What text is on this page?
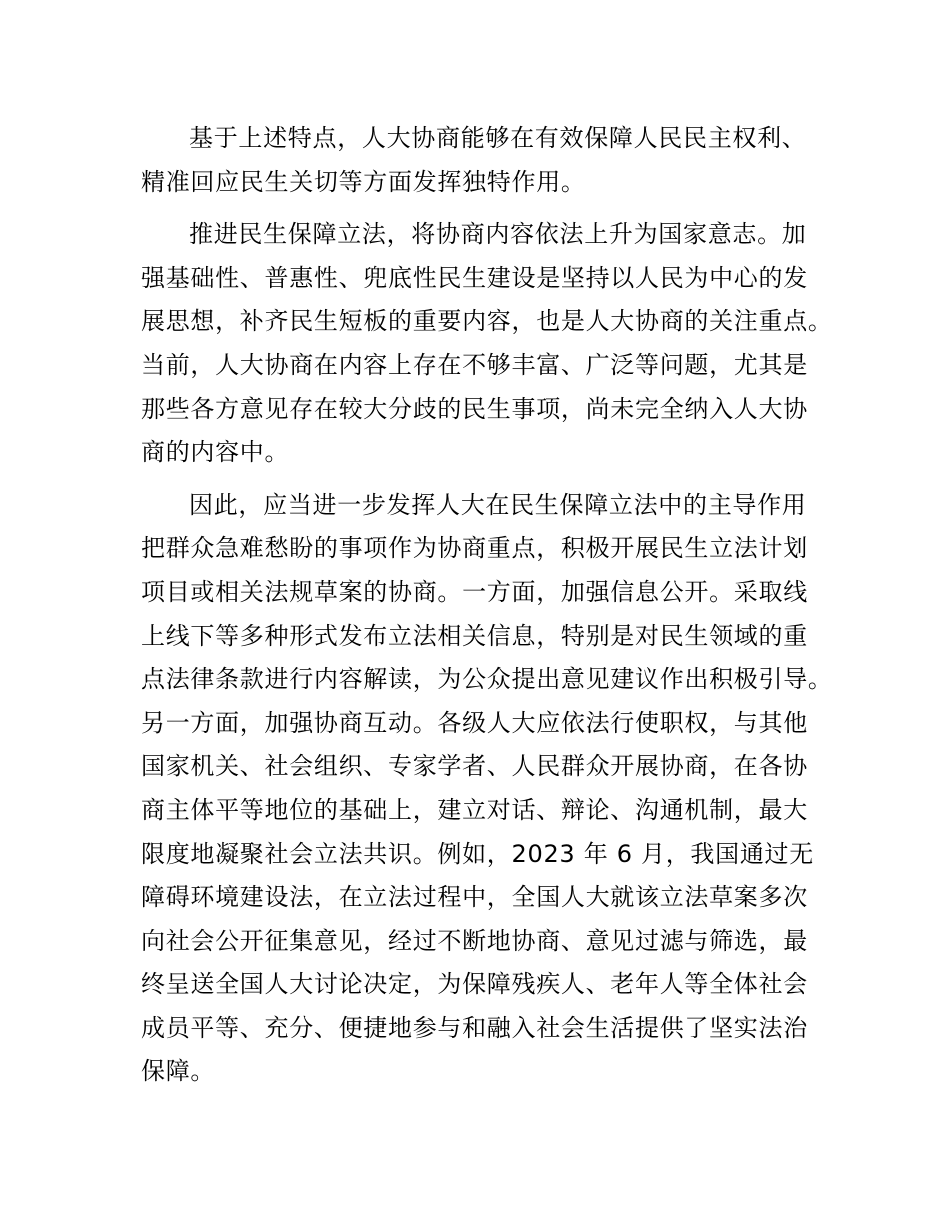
基于上述特点，人大协商能够在有效保障人民民主权利、
精准回应民生关切等方面发挥独特作用。
推进民生保障立法，将协商内容依法上升为国家意志。加
强基础性、普惠性、兜底性民生建设是坚持以人民为中心的发
展思想，补齐民生短板的重要内容，也是人大协商的关注重点。
当前，人大协商在内容上存在不够丰富、广泛等问题，尤其是
那些各方意见存在较大分歧的民生事项，尚未完全纳入人大协
商的内容中。
因此，应当进一步发挥人大在民生保障立法中的主导作用
把群众急难愁盼的事项作为协商重点，积极开展民生立法计划
项目或相关法规草案的协商。一方面，加强信息公开。采取线
上线下等多种形式发布立法相关信息，特别是对民生领域的重
点法律条款进行内容解读，为公众提出意见建议作出积极引导。
另一方面，加强协商互动。各级人大应依法行使职权，与其他
国家机关、社会组织、专家学者、人民群众开展协商，在各协
商主体平等地位的基础上，建立对话、辩论、沟通机制，最大
限度地凝聚社会立法共识。例如，2023 年 6 月，我国通过无
障碍环境建设法，在立法过程中，全国人大就该立法草案多次
向社会公开征集意见，经过不断地协商、意见过滤与筛选，最
终呈送全国人大讨论决定，为保障残疾人、老年人等全体社会
成员平等、充分、便捷地参与和融入社会生活提供了坚实法治
保障。
